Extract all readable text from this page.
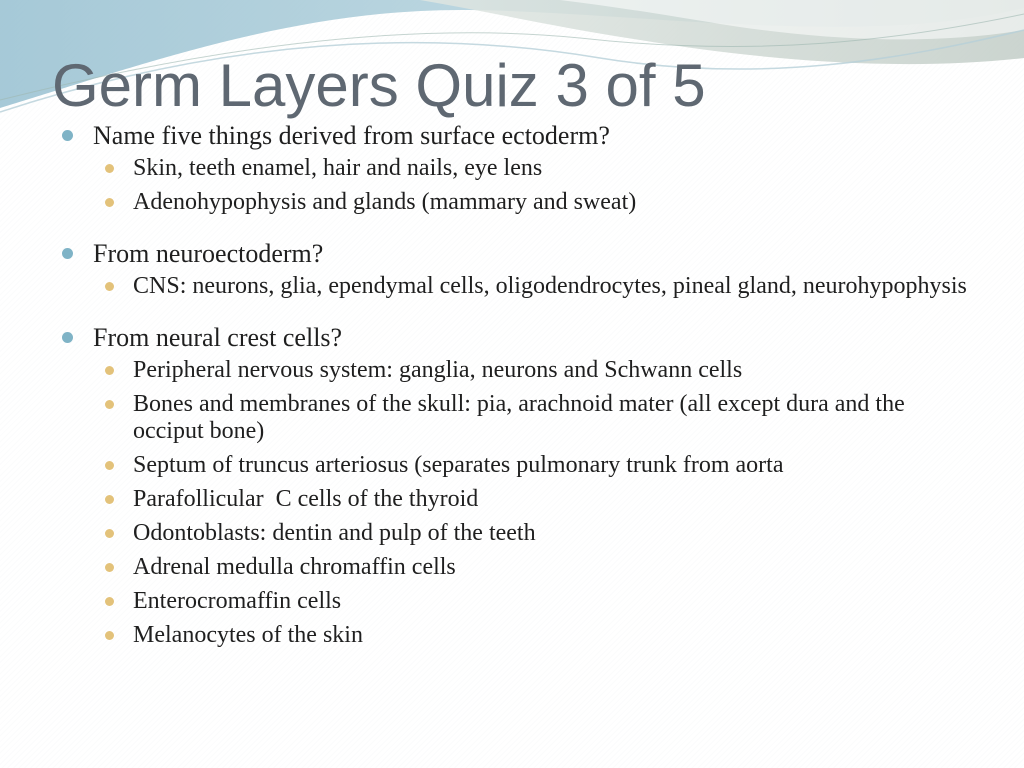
Germ Layers Quiz 3 of 5
Name five things derived from surface ectoderm?
Skin, teeth enamel, hair and nails, eye lens
Adenohypophysis and glands (mammary and sweat)
From neuroectoderm?
CNS: neurons, glia, ependymal cells, oligodendrocytes, pineal gland, neurohypophysis
From neural crest cells?
Peripheral nervous system: ganglia, neurons and Schwann cells
Bones and membranes of the skull: pia, arachnoid mater (all except dura and the occiput bone)
Septum of truncus arteriosus (separates pulmonary trunk from aorta
Parafollicular  C cells of the thyroid
Odontoblasts: dentin and pulp of the teeth
Adrenal medulla chromaffin cells
Enterocromaffin cells
Melanocytes of the skin
